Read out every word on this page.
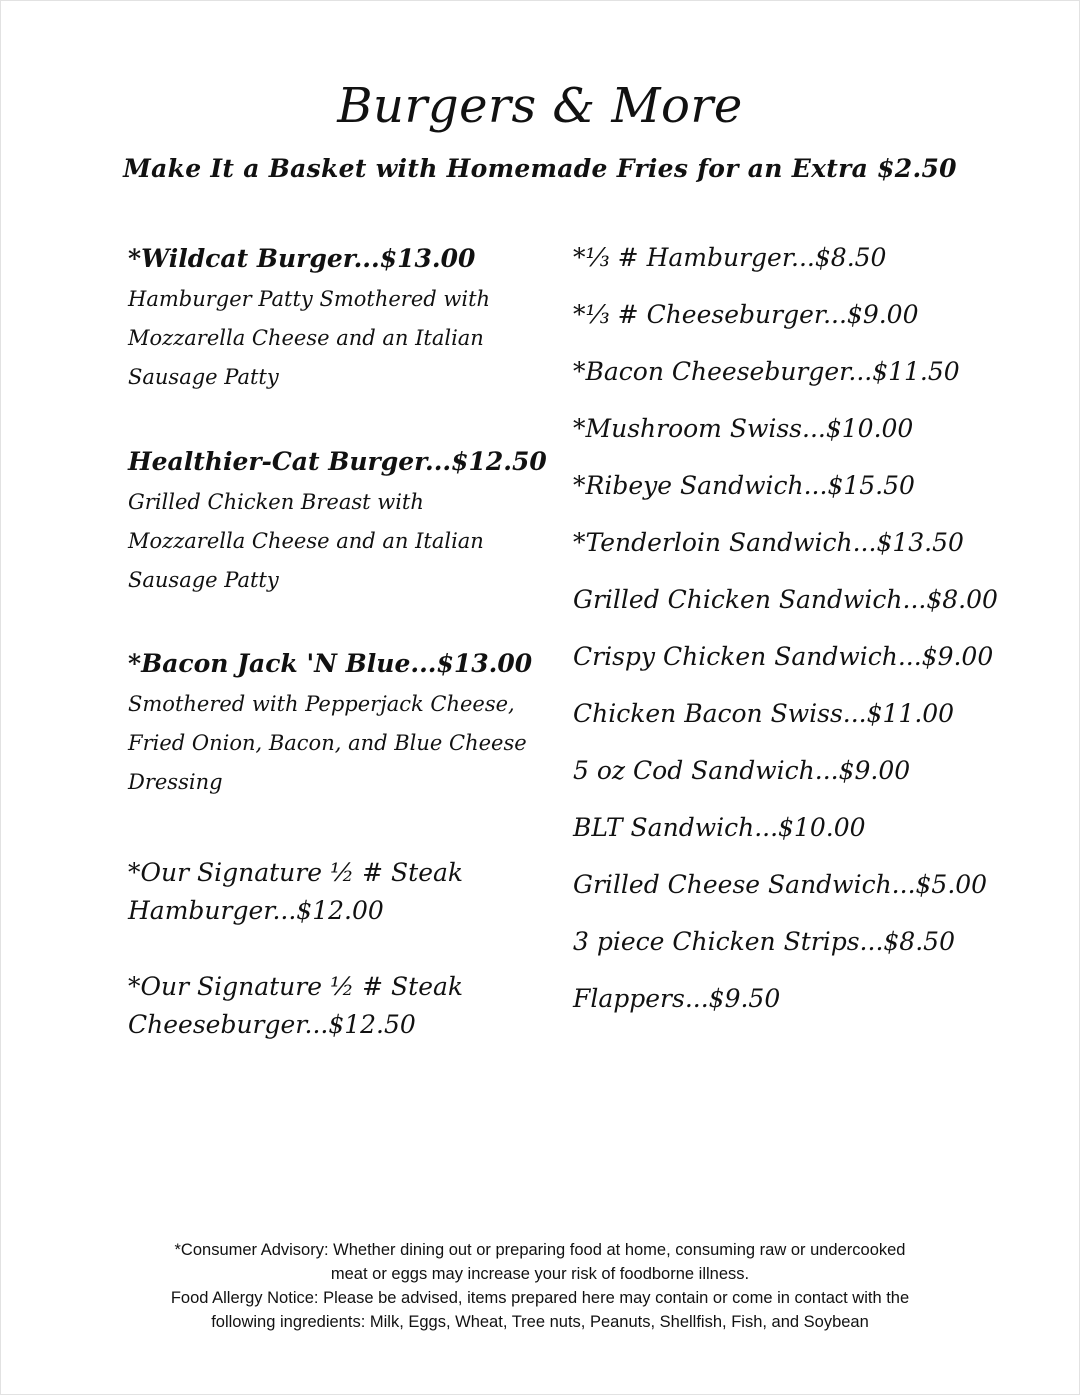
Burgers & More
Make It a Basket with Homemade Fries for an Extra $2.50
*Wildcat Burger...$13.00
Hamburger Patty Smothered with Mozzarella Cheese and an Italian Sausage Patty
Healthier-Cat Burger...$12.50
Grilled Chicken Breast with Mozzarella Cheese and an Italian Sausage Patty
*Bacon Jack 'N Blue...$13.00
Smothered with Pepperjack Cheese, Fried Onion, Bacon, and Blue Cheese Dressing
*Our Signature ½ # Steak
Hamburger...$12.00
*Our Signature ½ # Steak
Cheeseburger...$12.50
*⅓ # Hamburger...$8.50
*⅓ # Cheeseburger...$9.00
*Bacon Cheeseburger...$11.50
*Mushroom Swiss...$10.00
*Ribeye Sandwich...$15.50
*Tenderloin Sandwich...$13.50
Grilled Chicken Sandwich...$8.00
Crispy Chicken Sandwich...$9.00
Chicken Bacon Swiss...$11.00
5 oz Cod Sandwich...$9.00
BLT Sandwich...$10.00
Grilled Cheese Sandwich...$5.00
3 piece Chicken Strips...$8.50
Flappers...$9.50
*Consumer Advisory: Whether dining out or preparing food at home, consuming raw or undercooked
meat or eggs may increase your risk of foodborne illness.
Food Allergy Notice: Please be advised, items prepared here may contain or come in contact with the
following ingredients: Milk, Eggs, Wheat, Tree nuts, Peanuts, Shellfish, Fish, and Soybean
